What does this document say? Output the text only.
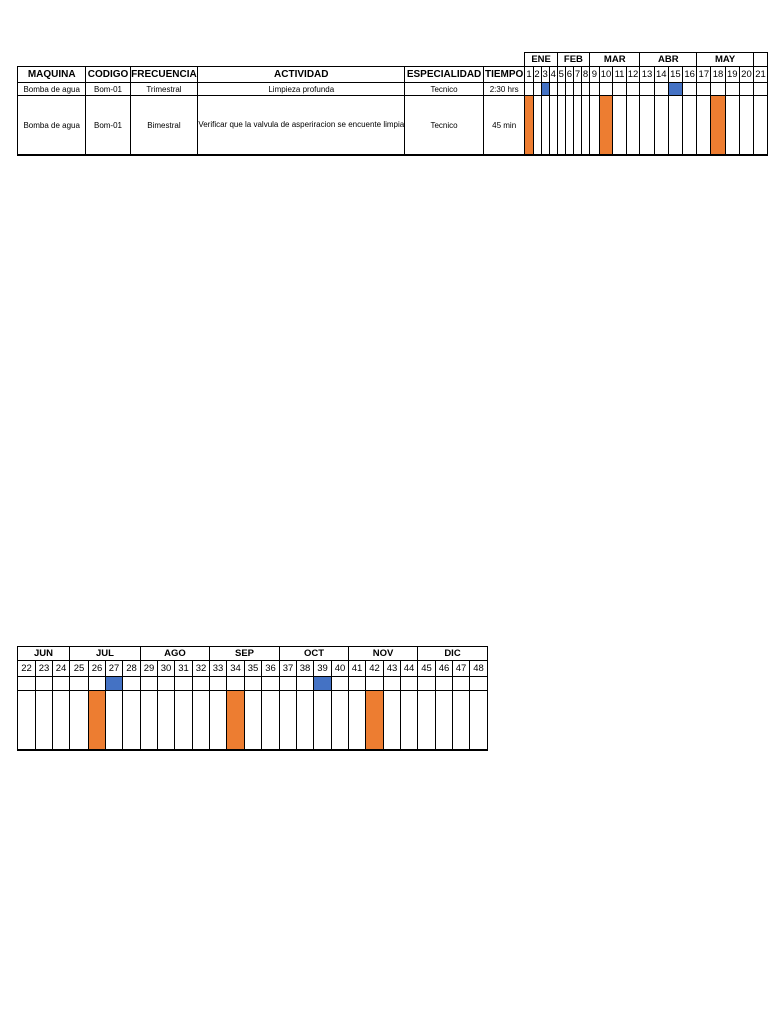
						ENE				FEB				MAR				ABR				MAY				
MAQUINA	CODIGO	FRECUENCIA	ACTIVIDAD	ESPECIALIDAD	TIEMPO	1	2	3	4	5	6	7	8	9	10	11	12	13	14	15	16	17	18	19	20	21
Bomba de agua	Bom-01	Trimestral	Limpieza profunda	Tecnico	2:30 hrs																					
Bomba de agua	Bom-01	Bimestral	Verificar que la valvula de asperiracion se encuente limpia	Tecnico	45 min																					
JUN			JUL				AGO				SEP				OCT				NOV				DIC			
22	23	24	25	26	27	28	29	30	31	32	33	34	35	36	37	38	39	40	41	42	43	44	45	46	47	48
